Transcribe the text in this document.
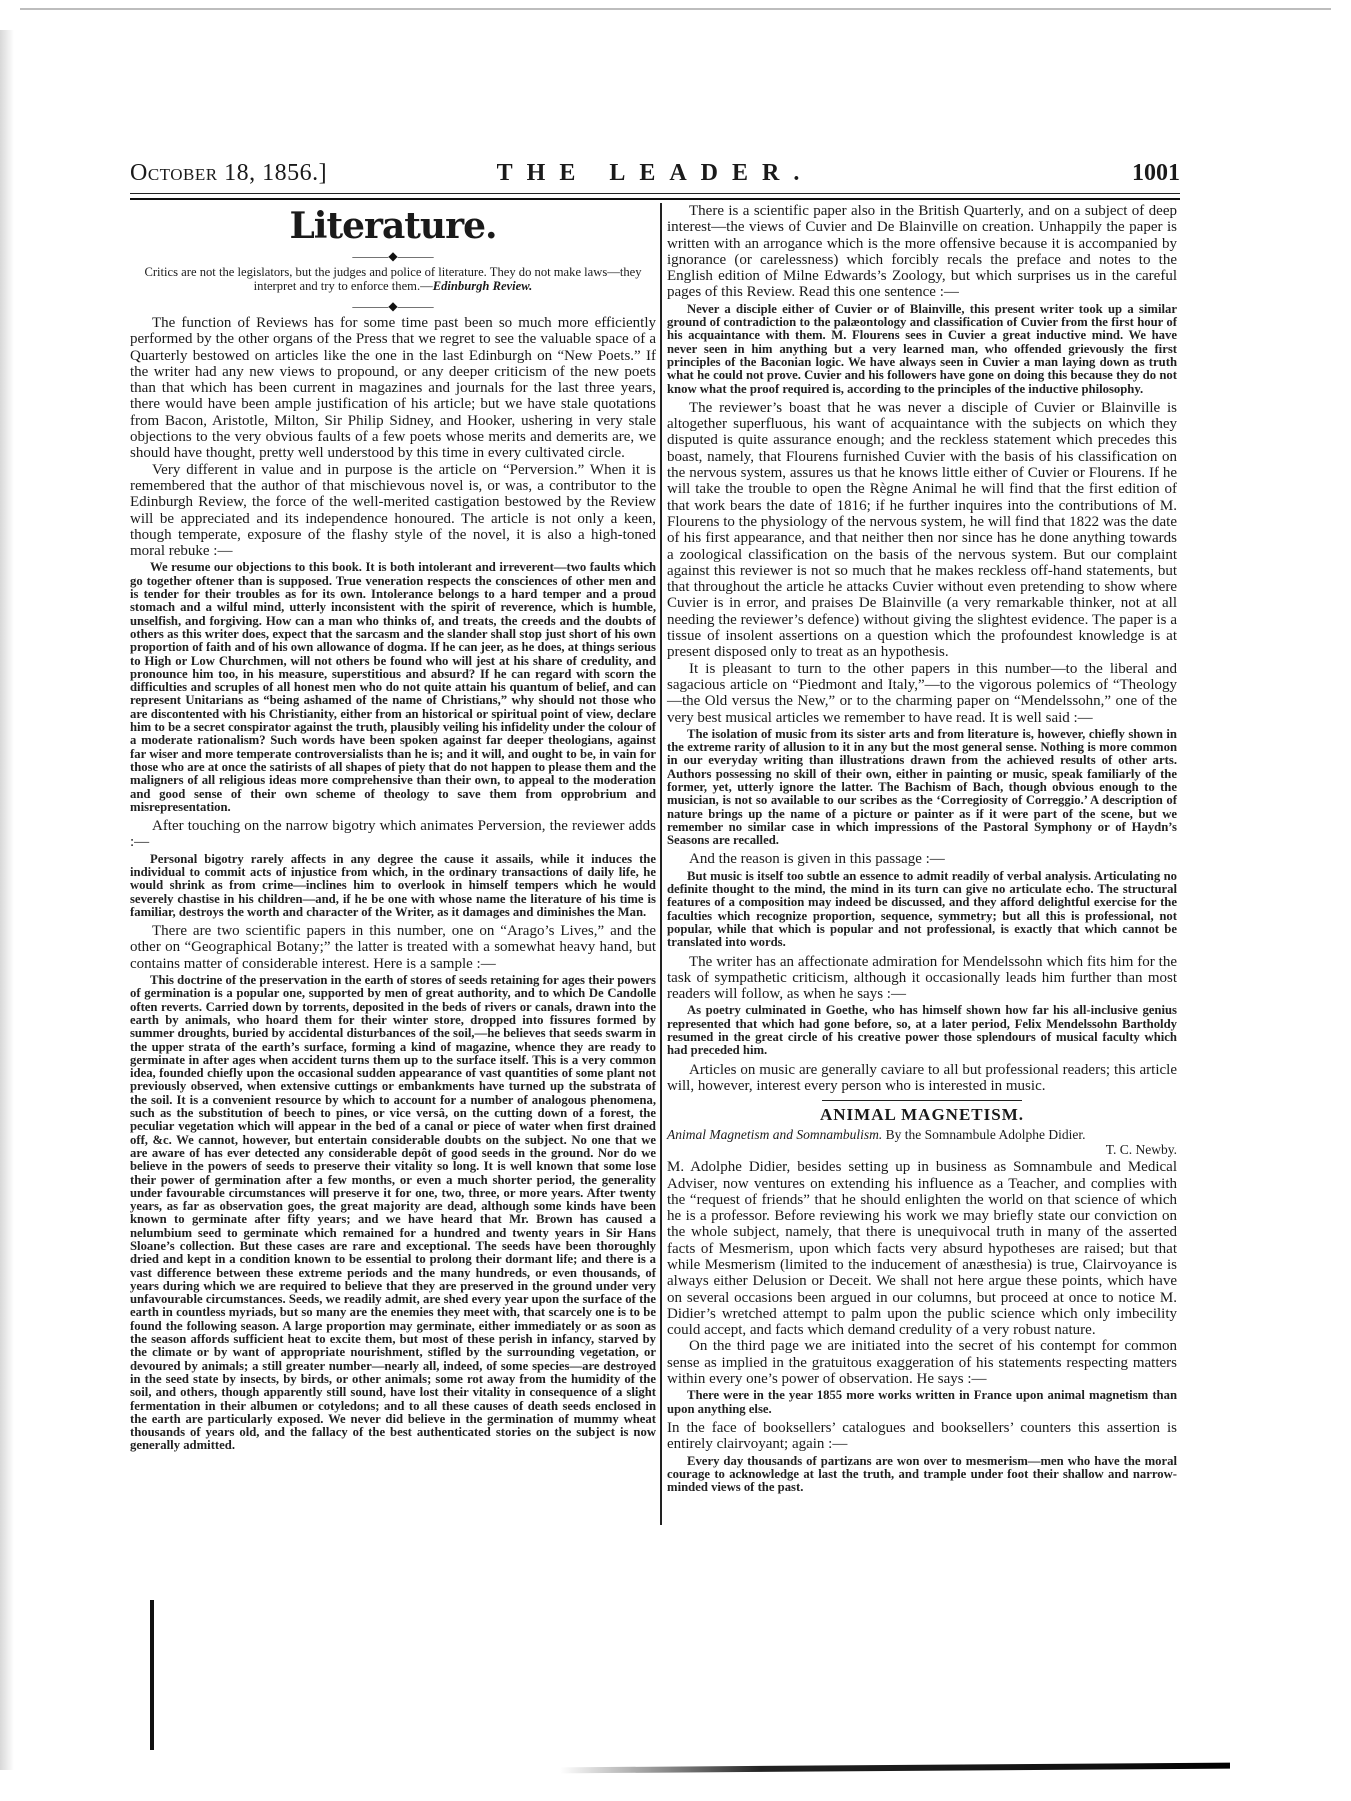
October 18, 1856.]	THE LEADER.	1001
Literature.
———◆———
Critics are not the legislators, but the judges and police of literature. They do not make laws—they interpret and try to enforce them.—Edinburgh Review.
———◆———

The function of Reviews has for some time past been so much more efficiently performed by the other organs of the Press that we regret to see the valuable space of a Quarterly bestowed on articles like the one in the last Edinburgh on “New Poets.” If the writer had any new views to propound, or any deeper criticism of the new poets than that which has been current in magazines and journals for the last three years, there would have been ample justification of his article; but we have stale quotations from Bacon, Aristotle, Milton, Sir Philip Sidney, and Hooker, ushering in very stale objections to the very obvious faults of a few poets whose merits and demerits are, we should have thought, pretty well understood by this time in every cultivated circle.

Very different in value and in purpose is the article on “Perversion.” When it is remembered that the author of that mischievous novel is, or was, a contributor to the Edinburgh Review, the force of the well-merited castigation bestowed by the Review will be appreciated and its independence honoured. The article is not only a keen, though temperate, exposure of the flashy style of the novel, it is also a high-toned moral rebuke :—

We resume our objections to this book. It is both intolerant and irreverent—two faults which go together oftener than is supposed. True veneration respects the consciences of other men and is tender for their troubles as for its own. Intolerance belongs to a hard temper and a proud stomach and a wilful mind, utterly inconsistent with the spirit of reverence, which is humble, unselfish, and forgiving. How can a man who thinks of, and treats, the creeds and the doubts of others as this writer does, expect that the sarcasm and the slander shall stop just short of his own proportion of faith and of his own allowance of dogma. If he can jeer, as he does, at things serious to High or Low Churchmen, will not others be found who will jest at his share of credulity, and pronounce him too, in his measure, superstitious and absurd? If he can regard with scorn the difficulties and scruples of all honest men who do not quite attain his quantum of belief, and can represent Unitarians as “being ashamed of the name of Christians,” why should not those who are discontented with his Christianity, either from an historical or spiritual point of view, declare him to be a secret conspirator against the truth, plausibly veiling his infidelity under the colour of a moderate rationalism? Such words have been spoken against far deeper theologians, against far wiser and more temperate controversialists than he is; and it will, and ought to be, in vain for those who are at once the satirists of all shapes of piety that do not happen to please them and the maligners of all religious ideas more comprehensive than their own, to appeal to the moderation and good sense of their own scheme of theology to save them from opprobrium and misrepresentation.

After touching on the narrow bigotry which animates Perversion, the reviewer adds :—

Personal bigotry rarely affects in any degree the cause it assails, while it induces the individual to commit acts of injustice from which, in the ordinary transactions of daily life, he would shrink as from crime—inclines him to overlook in himself tempers which he would severely chastise in his children—and, if he be one with whose name the literature of his time is familiar, destroys the worth and character of the Writer, as it damages and diminishes the Man.

There are two scientific papers in this number, one on “Arago’s Lives,” and the other on “Geographical Botany;” the latter is treated with a somewhat heavy hand, but contains matter of considerable interest. Here is a sample :—

This doctrine of the preservation in the earth of stores of seeds retaining for ages their powers of germination is a popular one, supported by men of great authority, and to which De Candolle often reverts. Carried down by torrents, deposited in the beds of rivers or canals, drawn into the earth by animals, who hoard them for their winter store, dropped into fissures formed by summer droughts, buried by accidental disturbances of the soil,—he believes that seeds swarm in the upper strata of the earth’s surface, forming a kind of magazine, whence they are ready to germinate in after ages when accident turns them up to the surface itself. This is a very common idea, founded chiefly upon the occasional sudden appearance of vast quantities of some plant not previously observed, when extensive cuttings or embankments have turned up the substrata of the soil. It is a convenient resource by which to account for a number of analogous phenomena, such as the substitution of beech to pines, or vice versâ, on the cutting down of a forest, the peculiar vegetation which will appear in the bed of a canal or piece of water when first drained off, &c. We cannot, however, but entertain considerable doubts on the subject. No one that we are aware of has ever detected any considerable depôt of good seeds in the ground. Nor do we believe in the powers of seeds to preserve their vitality so long. It is well known that some lose their power of germination after a few months, or even a much shorter period, the generality under favourable circumstances will preserve it for one, two, three, or more years. After twenty years, as far as observation goes, the great majority are dead, although some kinds have been known to germinate after fifty years; and we have heard that Mr. Brown has caused a nelumbium seed to germinate which remained for a hundred and twenty years in Sir Hans Sloane’s collection. But these cases are rare and exceptional. The seeds have been thoroughly dried and kept in a condition known to be essential to prolong their dormant life; and there is a vast difference between these extreme periods and the many hundreds, or even thousands, of years during which we are required to believe that they are preserved in the ground under very unfavourable circumstances. Seeds, we readily admit, are shed every year upon the surface of the earth in countless myriads, but so many are the enemies they meet with, that scarcely one is to be found the following season. A large proportion may germinate, either immediately or as soon as the season affords sufficient heat to excite them, but most of these perish in infancy, starved by the climate or by want of appropriate nourishment, stifled by the surrounding vegetation, or devoured by animals; a still greater number—nearly all, indeed, of some species—are destroyed in the seed state by insects, by birds, or other animals; some rot away from the humidity of the soil, and others, though apparently still sound, have lost their vitality in consequence of a slight fermentation in their albumen or cotyledons; and to all these causes of death seeds enclosed in the earth are particularly exposed. We never did believe in the germination of mummy wheat thousands of years old, and the fallacy of the best authenticated stories on the subject is now generally admitted.

There is a scientific paper also in the British Quarterly, and on a subject of deep interest—the views of Cuvier and De Blainville on creation. Unhappily the paper is written with an arrogance which is the more offensive because it is accompanied by ignorance (or carelessness) which forcibly recals the preface and notes to the English edition of Milne Edwards’s Zoology, but which surprises us in the careful pages of this Review. Read this one sentence :—

Never a disciple either of Cuvier or of Blainville, this present writer took up a similar ground of contradiction to the palæontology and classification of Cuvier from the first hour of his acquaintance with them. M. Flourens sees in Cuvier a great inductive mind. We have never seen in him anything but a very learned man, who offended grievously the first principles of the Baconian logic. We have always seen in Cuvier a man laying down as truth what he could not prove. Cuvier and his followers have gone on doing this because they do not know what the proof required is, according to the principles of the inductive philosophy.

The reviewer’s boast that he was never a disciple of Cuvier or Blainville is altogether superfluous, his want of acquaintance with the subjects on which they disputed is quite assurance enough; and the reckless statement which precedes this boast, namely, that Flourens furnished Cuvier with the basis of his classification on the nervous system, assures us that he knows little either of Cuvier or Flourens. If he will take the trouble to open the Règne Animal he will find that the first edition of that work bears the date of 1816; if he further inquires into the contributions of M. Flourens to the physiology of the nervous system, he will find that 1822 was the date of his first appearance, and that neither then nor since has he done anything towards a zoological classification on the basis of the nervous system. But our complaint against this reviewer is not so much that he makes reckless off-hand statements, but that throughout the article he attacks Cuvier without even pretending to show where Cuvier is in error, and praises De Blainville (a very remarkable thinker, not at all needing the reviewer’s defence) without giving the slightest evidence. The paper is a tissue of insolent assertions on a question which the profoundest knowledge is at present disposed only to treat as an hypothesis.

It is pleasant to turn to the other papers in this number—to the liberal and sagacious article on “Piedmont and Italy,”—to the vigorous polemics of “Theology—the Old versus the New,” or to the charming paper on “Mendelssohn,” one of the very best musical articles we remember to have read. It is well said :—

The isolation of music from its sister arts and from literature is, however, chiefly shown in the extreme rarity of allusion to it in any but the most general sense. Nothing is more common in our everyday writing than illustrations drawn from the achieved results of other arts. Authors possessing no skill of their own, either in painting or music, speak familiarly of the former, yet, utterly ignore the latter. The Bachism of Bach, though obvious enough to the musician, is not so available to our scribes as the ‘Corregiosity of Correggio.’ A description of nature brings up the name of a picture or painter as if it were part of the scene, but we remember no similar case in which impressions of the Pastoral Symphony or of Haydn’s Seasons are recalled.

And the reason is given in this passage :—

But music is itself too subtle an essence to admit readily of verbal analysis. Articulating no definite thought to the mind, the mind in its turn can give no articulate echo. The structural features of a composition may indeed be discussed, and they afford delightful exercise for the faculties which recognize proportion, sequence, symmetry; but all this is professional, not popular, while that which is popular and not professional, is exactly that which cannot be translated into words.

The writer has an affectionate admiration for Mendelssohn which fits him for the task of sympathetic criticism, although it occasionally leads him further than most readers will follow, as when he says :—

As poetry culminated in Goethe, who has himself shown how far his all-inclusive genius represented that which had gone before, so, at a later period, Felix Mendelssohn Bartholdy resumed in the great circle of his creative power those splendours of musical faculty which had preceded him.

Articles on music are generally caviare to all but professional readers; this article will, however, interest every person who is interested in music.

ANIMAL MAGNETISM.
Animal Magnetism and Somnambulism. By the Somnambule Adolphe Didier.
T. C. Newby.

M. Adolphe Didier, besides setting up in business as Somnambule and Medical Adviser, now ventures on extending his influence as a Teacher, and complies with the “request of friends” that he should enlighten the world on that science of which he is a professor. Before reviewing his work we may briefly state our conviction on the whole subject, namely, that there is unequivocal truth in many of the asserted facts of Mesmerism, upon which facts very absurd hypotheses are raised; but that while Mesmerism (limited to the inducement of anæsthesia) is true, Clairvoyance is always either Delusion or Deceit. We shall not here argue these points, which have on several occasions been argued in our columns, but proceed at once to notice M. Didier’s wretched attempt to palm upon the public science which only imbecility could accept, and facts which demand credulity of a very robust nature.

On the third page we are initiated into the secret of his contempt for common sense as implied in the gratuitous exaggeration of his statements respecting matters within every one’s power of observation. He says :—

There were in the year 1855 more works written in France upon animal magnetism than upon anything else.

In the face of booksellers’ catalogues and booksellers’ counters this assertion is entirely clairvoyant; again :—

Every day thousands of partizans are won over to mesmerism—men who have the moral courage to acknowledge at last the truth, and trample under foot their shallow and narrow-minded views of the past.
